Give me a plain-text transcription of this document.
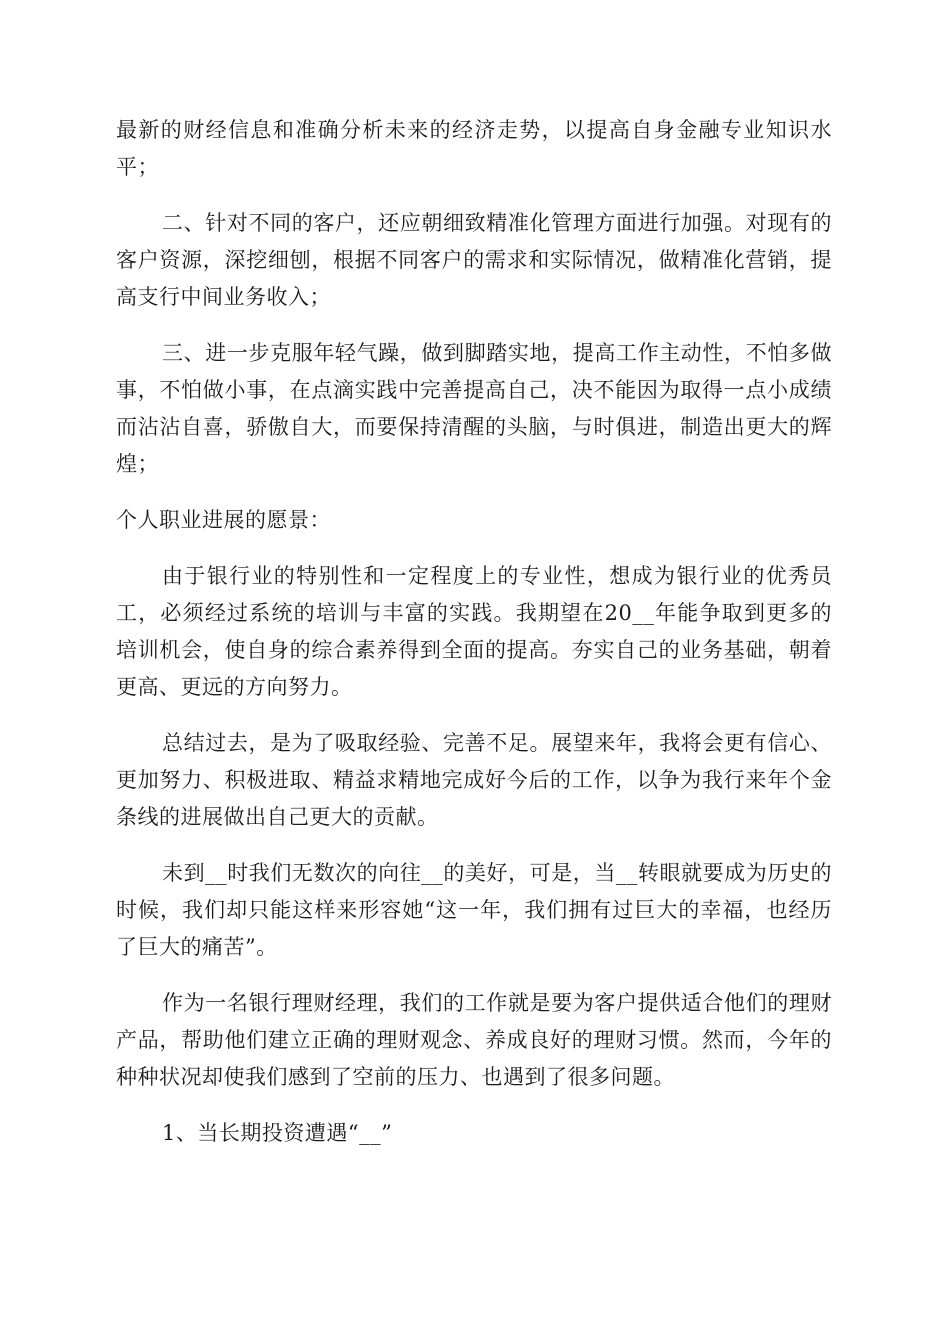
最新的财经信息和准确分析未来的经济走势，以提高自身金融专业知识水平；

二、针对不同的客户，还应朝细致精准化管理方面进行加强。对现有的客户资源，深挖细刨，根据不同客户的需求和实际情况，做精准化营销，提高支行中间业务收入；

三、进一步克服年轻气躁，做到脚踏实地，提高工作主动性，不怕多做事，不怕做小事，在点滴实践中完善提高自己，决不能因为取得一点小成绩而沾沾自喜，骄傲自大，而要保持清醒的头脑，与时俱进，制造出更大的辉煌；

个人职业进展的愿景：

由于银行业的特别性和一定程度上的专业性，想成为银行业的优秀员工，必须经过系统的培训与丰富的实践。我期望在20__年能争取到更多的培训机会，使自身的综合素养得到全面的提高。夯实自己的业务基础，朝着更高、更远的方向努力。

总结过去，是为了吸取经验、完善不足。展望来年，我将会更有信心、更加努力、积极进取、精益求精地完成好今后的工作，以争为我行来年个金条线的进展做出自己更大的贡献。

未到__时我们无数次的向往__的美好，可是，当__转眼就要成为历史的时候，我们却只能这样来形容她“这一年，我们拥有过巨大的幸福，也经历了巨大的痛苦”。

作为一名银行理财经理，我们的工作就是要为客户提供适合他们的理财产品，帮助他们建立正确的理财观念、养成良好的理财习惯。然而，今年的种种状况却使我们感到了空前的压力、也遇到了很多问题。

1、当长期投资遭遇“__”
